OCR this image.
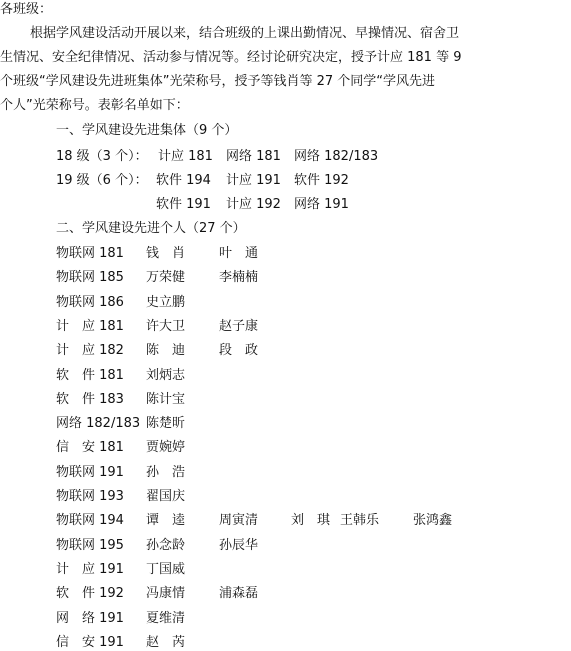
各班级：
根据学风建设活动开展以来，结合班级的上课出勤情况、早操情况、宿舍卫
生情况、安全纪律情况、活动参与情况等。经讨论研究决定，授予计应 181 等 9
个班级“学风建设先进班集体”光荣称号，授予等钱肖等 27 个同学“学风先进
个人”光荣称号。表彰名单如下：
一、学风建设先进集体（9 个）
18 级（3 个）： 计应 181 网络 181 网络 182/183
19 级（6 个）： 软件 194 计应 191 软件 192
软件 191 计应 192 网络 191
二、学风建设先进个人（27 个）
物联网 181 钱　肖	叶　通
物联网 185 万荣健	李楠楠
物联网 186 史立鹏
计　应 181 许大卫	赵子康
计　应 182 陈　迪	段　政
软　件 181 刘炳志
软　件 183 陈计宝
网络 182/183 陈楚昕
信　安 181 贾婉婷
物联网 191 孙　浩
物联网 193 翟国庆
物联网 194 谭　逵	周寅清	刘　琪 王韩乐	张鸿鑫
物联网 195 孙念龄	孙辰华
计　应 191 丁国威
软　件 192 冯康情	浦森磊
网　络 191 夏维清
信　安 191 赵　芮
